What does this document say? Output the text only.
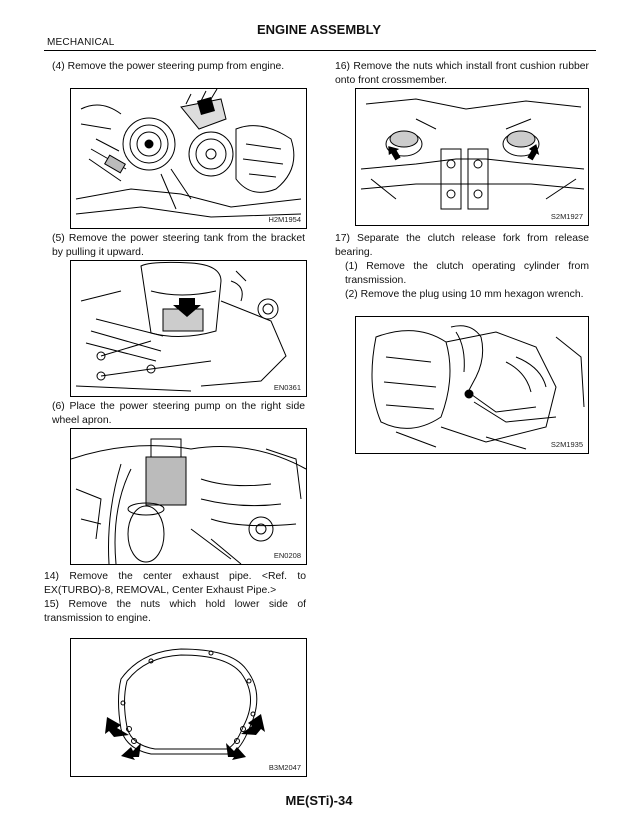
ENGINE ASSEMBLY
MECHANICAL
(4) Remove the power steering pump from engine.
H2M1954
(5) Remove the power steering tank from the bracket by pulling it upward.
EN0361
(6) Place the power steering pump on the right side wheel apron.
EN0208
14) Remove the center exhaust pipe. <Ref. to EX(TURBO)-8, REMOVAL, Center Exhaust Pipe.>
15) Remove the nuts which hold lower side of transmission to engine.
B3M2047
16) Remove the nuts which install front cushion rubber onto front crossmember.
S2M1927
17) Separate the clutch release fork from release bearing.
(1) Remove the clutch operating cylinder from transmission.
(2) Remove the plug using 10 mm hexagon wrench.
S2M1935
ME(STi)-34
